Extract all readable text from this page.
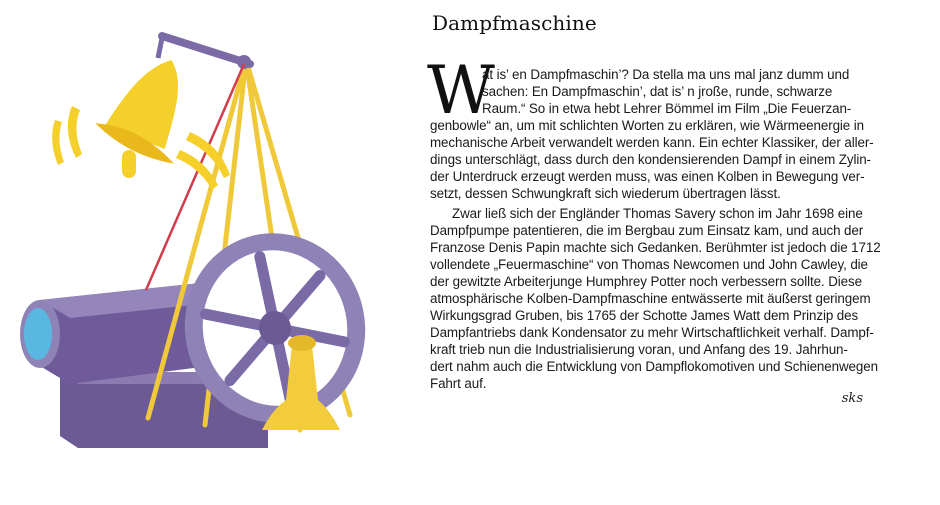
Dampfmaschine
W
at is’ en Dampfmaschin’? Da stella ma uns mal janz dumm und
sachen: En Dampfmaschin’, dat is’ n jroße, runde, schwarze
Raum.“ So in etwa hebt Lehrer Bömmel im Film „Die Feuerzan-
genbowle“ an, um mit schlichten Worten zu erklären, wie Wärmeenergie in
mechanische Arbeit verwandelt werden kann. Ein echter Klassiker, der aller-
dings unterschlägt, dass durch den kondensierenden Dampf in einem Zylin-
der Unterdruck erzeugt werden muss, was einen Kolben in Bewegung ver-
setzt, dessen Schwungkraft sich wiederum übertragen lässt.
Zwar ließ sich der Engländer Thomas Savery schon im Jahr 1698 eine
Dampfpumpe patentieren, die im Bergbau zum Einsatz kam, und auch der
Franzose Denis Papin machte sich Gedanken. Berühmter ist jedoch die 1712
vollendete „Feuermaschine“ von Thomas Newcomen und John Cawley, die
der gewitzte Arbeiterjunge Humphrey Potter noch verbessern sollte. Diese
atmosphärische Kolben-Dampfmaschine entwässerte mit äußerst geringem
Wirkungsgrad Gruben, bis 1765 der Schotte James Watt dem Prinzip des
Dampfantriebs dank Kondensator zu mehr Wirtschaftlichkeit verhalf. Dampf-
kraft trieb nun die Industrialisierung voran, und Anfang des 19. Jahrhun-
dert nahm auch die Entwicklung von Dampflokomotiven und Schienenwegen
Fahrt auf.
sks
